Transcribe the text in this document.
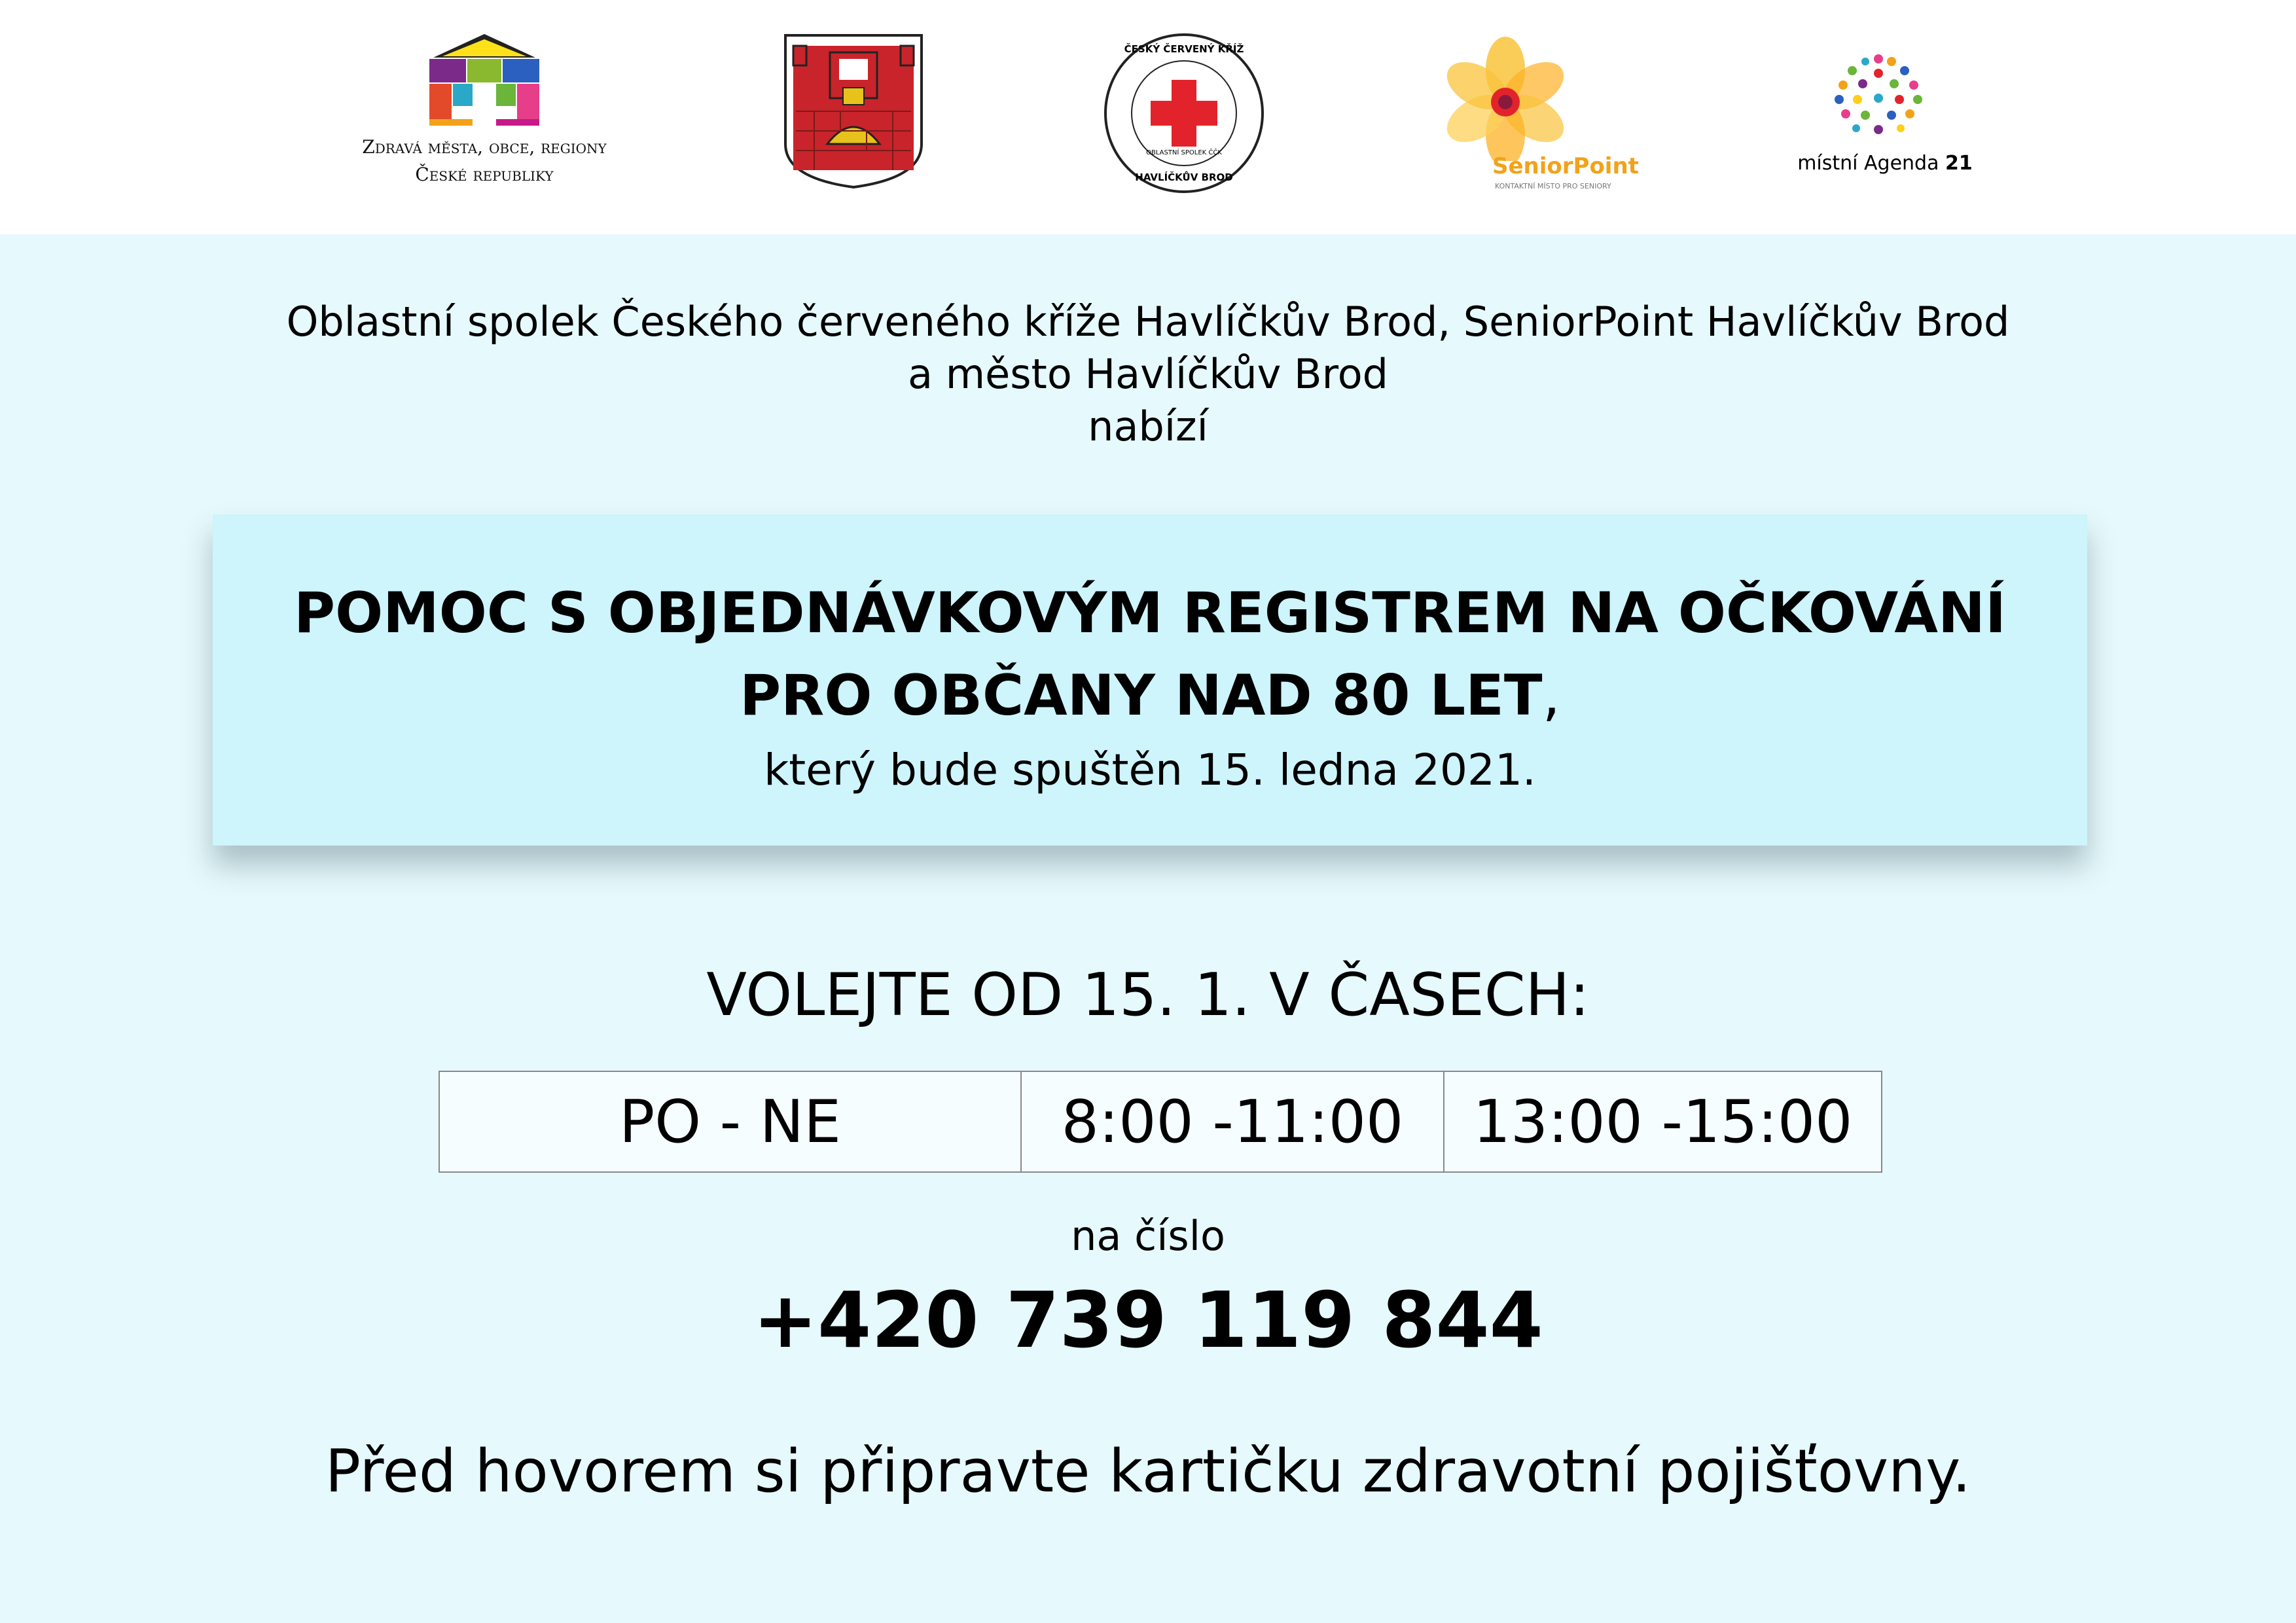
Zdravá města, obce, regiony
České republiky
ČESKÝ ČERVENÝ KŘÍŽ
HAVLÍČKŮV BROD
OBLASTNÍ SPOLEK ČČK
SeniorPoint
KONTAKTNÍ MÍSTO PRO SENIORY
místní Agenda 21
Oblastní spolek Českého červeného kříže Havlíčkův Brod, SeniorPoint Havlíčkův Brod
a město Havlíčkův Brod
nabízí
POMOC S OBJEDNÁVKOVÝM REGISTREM NA OČKOVÁNÍ
PRO OBČANY NAD 80 LET,
který bude spuštěn 15. ledna 2021.
VOLEJTE OD 15. 1. V ČASECH:
PO - NE	8:00 -11:00	13:00 -15:00
na číslo
+420 739 119 844
Před hovorem si připravte kartičku zdravotní pojišťovny.
